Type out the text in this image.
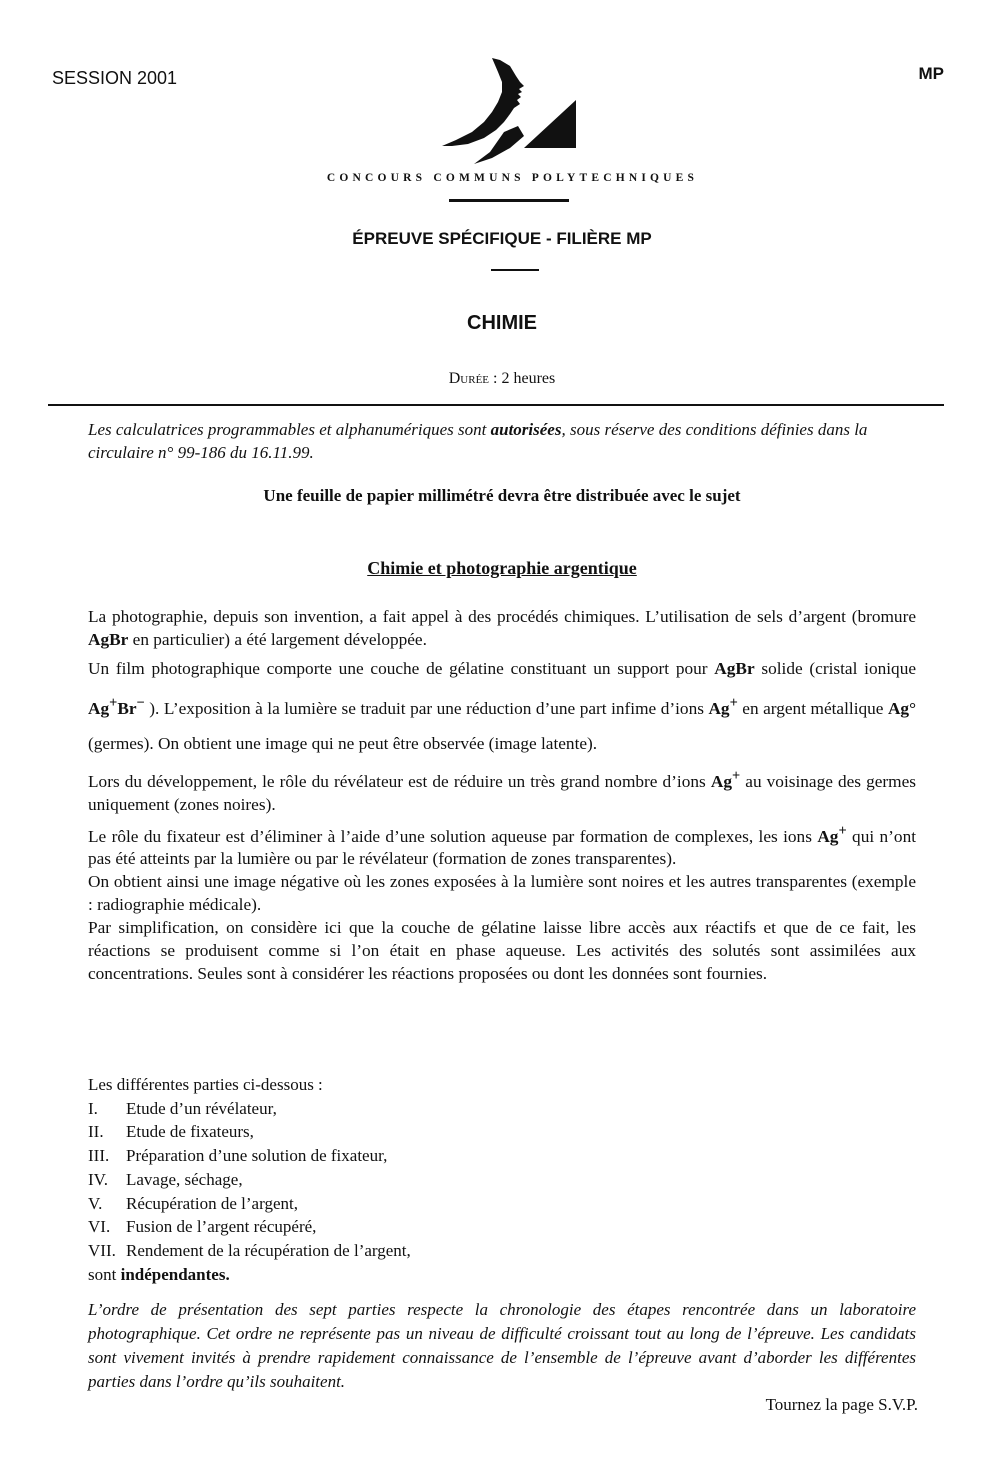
SESSION 2001	MP
CONCOURS COMMUNS POLYTECHNIQUES
ÉPREUVE SPÉCIFIQUE - FILIÈRE MP
CHIMIE
Durée : 2 heures
Les calculatrices programmables et alphanumériques sont autorisées, sous réserve des conditions définies dans la circulaire n° 99-186 du 16.11.99.
Une feuille de papier millimétré devra être distribuée avec le sujet
Chimie et photographie argentique

La photographie, depuis son invention, a fait appel à des procédés chimiques. L’utilisation de sels d’argent (bromure AgBr en particulier) a été largement développée.

Un film photographique comporte une couche de gélatine constituant un support pour AgBr solide (cristal ionique Ag+Br− ). L’exposition à la lumière se traduit par une réduction d’une part infime d’ions Ag+ en argent métallique Ag° (germes). On obtient une image qui ne peut être observée (image latente).

Lors du développement, le rôle du révélateur est de réduire un très grand nombre d’ions Ag+ au voisinage des germes uniquement (zones noires).

Le rôle du fixateur est d’éliminer à l’aide d’une solution aqueuse par formation de complexes, les ions Ag+ qui n’ont pas été atteints par la lumière ou par le révélateur (formation de zones transparentes).

On obtient ainsi une image négative où les zones exposées à la lumière sont noires et les autres transparentes (exemple : radiographie médicale).

Par simplification, on considère ici que la couche de gélatine laisse libre accès aux réactifs et que de ce fait, les réactions se produisent comme si l’on était en phase aqueuse. Les activités des solutés sont assimilées aux concentrations. Seules sont à considérer les réactions proposées ou dont les données sont fournies.

Les différentes parties ci-dessous :
I. Etude d’un révélateur,
II. Etude de fixateurs,
III. Préparation d’une solution de fixateur,
IV. Lavage, séchage,
V. Récupération de l’argent,
VI. Fusion de l’argent récupéré,
VII. Rendement de la récupération de l’argent,
sont indépendantes.
L’ordre de présentation des sept parties respecte la chronologie des étapes rencontrée dans un laboratoire photographique. Cet ordre ne représente pas un niveau de difficulté croissant tout au long de l’épreuve. Les candidats sont vivement invités à prendre rapidement connaissance de l’ensemble de l’épreuve avant d’aborder les différentes parties dans l’ordre qu’ils souhaitent.
Tournez la page S.V.P.
